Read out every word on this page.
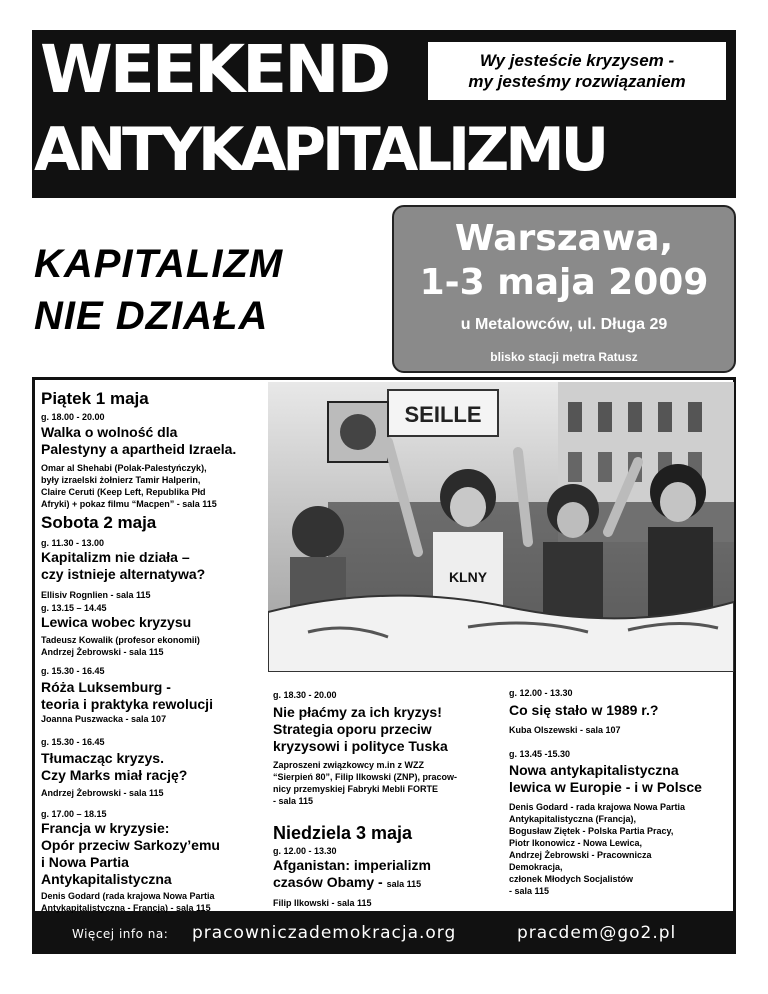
WEEKEND	Wy jesteście kryzysem -
my jesteśmy rozwiązaniem
ANTYKAPITALIZMU
KAPITALIZM
NIE DZIAŁA
Warszawa,
1-3 maja 2009
u Metalowców, ul. Długa 29
blisko stacji metra Ratusz
SEILLE
KLNY
Piątek 1 maja
g. 18.00 - 20.00
Walka o wolność dla
Palestyny a apartheid Izraela.
Omar al Shehabi (Polak-Palestyńczyk),
były izraelski żołnierz Tamir Halperin,
Claire Ceruti (Keep Left, Republika Płd
Afryki) + pokaz filmu “Macpen” - sala 115
Sobota 2 maja
g. 11.30 - 13.00
Kapitalizm nie działa –
czy istnieje alternatywa?
Ellisiv Rognlien - sala 115
g. 13.15 – 14.45
Lewica wobec kryzysu
Tadeusz Kowalik (profesor ekonomii)
Andrzej Żebrowski - sala 115
g. 15.30 - 16.45
Róża Luksemburg -
teoria i praktyka rewolucji
Joanna Puszwacka - sala 107
g. 15.30 - 16.45
Tłumacząc kryzys.
Czy Marks miał rację?
Andrzej Żebrowski - sala 115
g. 17.00 – 18.15
Francja w kryzysie:
Opór przeciw Sarkozy’emu
i Nowa Partia
Antykapitalistyczna
Denis Godard (rada krajowa Nowa Partia
Antykapitalistyczna - Francja) - sala 115
g. 18.30 - 20.00
Nie płaćmy za ich kryzys!
Strategia oporu przeciw
kryzysowi i polityce Tuska
Zaproszeni związkowcy m.in z WZZ
“Sierpień 80”, Filip Ilkowski (ZNP), pracow-
nicy przemyskiej Fabryki Mebli FORTE
- sala 115
Niedziela 3 maja
g. 12.00 - 13.30
Afganistan: imperializm
czasów Obamy - sala 115
Filip Ilkowski - sala 115
g. 12.00 - 13.30
Co się stało w 1989 r.?
Kuba Olszewski - sala 107
g. 13.45 -15.30
Nowa antykapitalistyczna
lewica w Europie - i w Polsce
Denis Godard - rada krajowa Nowa Partia
Antykapitalistyczna (Francja),
Bogusław Ziętek - Polska Partia Pracy,
Piotr Ikonowicz - Nowa Lewica,
Andrzej Żebrowski - Pracownicza
Demokracja,
członek Młodych Socjalistów
- sala 115
Więcej info na: pracowniczademokracja.org	pracdem@go2.pl
